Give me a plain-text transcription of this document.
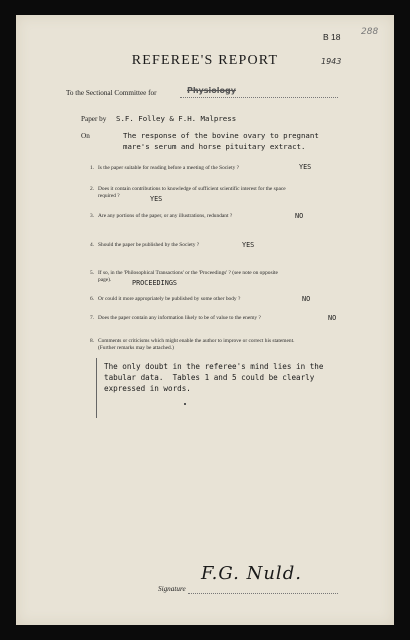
B 18 288
REFEREE'S REPORT	1943
To the Sectional Committee for	Physiology
Paper by S.F. Folley & F.H. Malpress
On	The response of the bovine ovary to pregnant
mare's serum and horse pituitary extract.
1. Is the paper suitable for reading before a meeting of the Society ?	YES
2. Does it contain contributions to knowledge of sufficient scientific interest for the space
required ?	YES
3. Are any portions of the paper, or any illustrations, redundant ?	NO
4. Should the paper be published by the Society ?	YES
5. If so, in the 'Philosophical Transactions' or the 'Proceedings' ? (see note on opposite
page).	PROCEEDINGS
6. Or could it more appropriately be published by some other body ?	NO
7. Does the paper contain any information likely to be of value to the enemy ?	NO
8. Comments or criticisms which might enable the author to improve or correct his statement.
(Further remarks may be attached.)
The only doubt in the referee's mind lies in the
tabular data.  Tables 1 and 5 could be clearly
expressed in words.
Signature
F.G. Nuld.
